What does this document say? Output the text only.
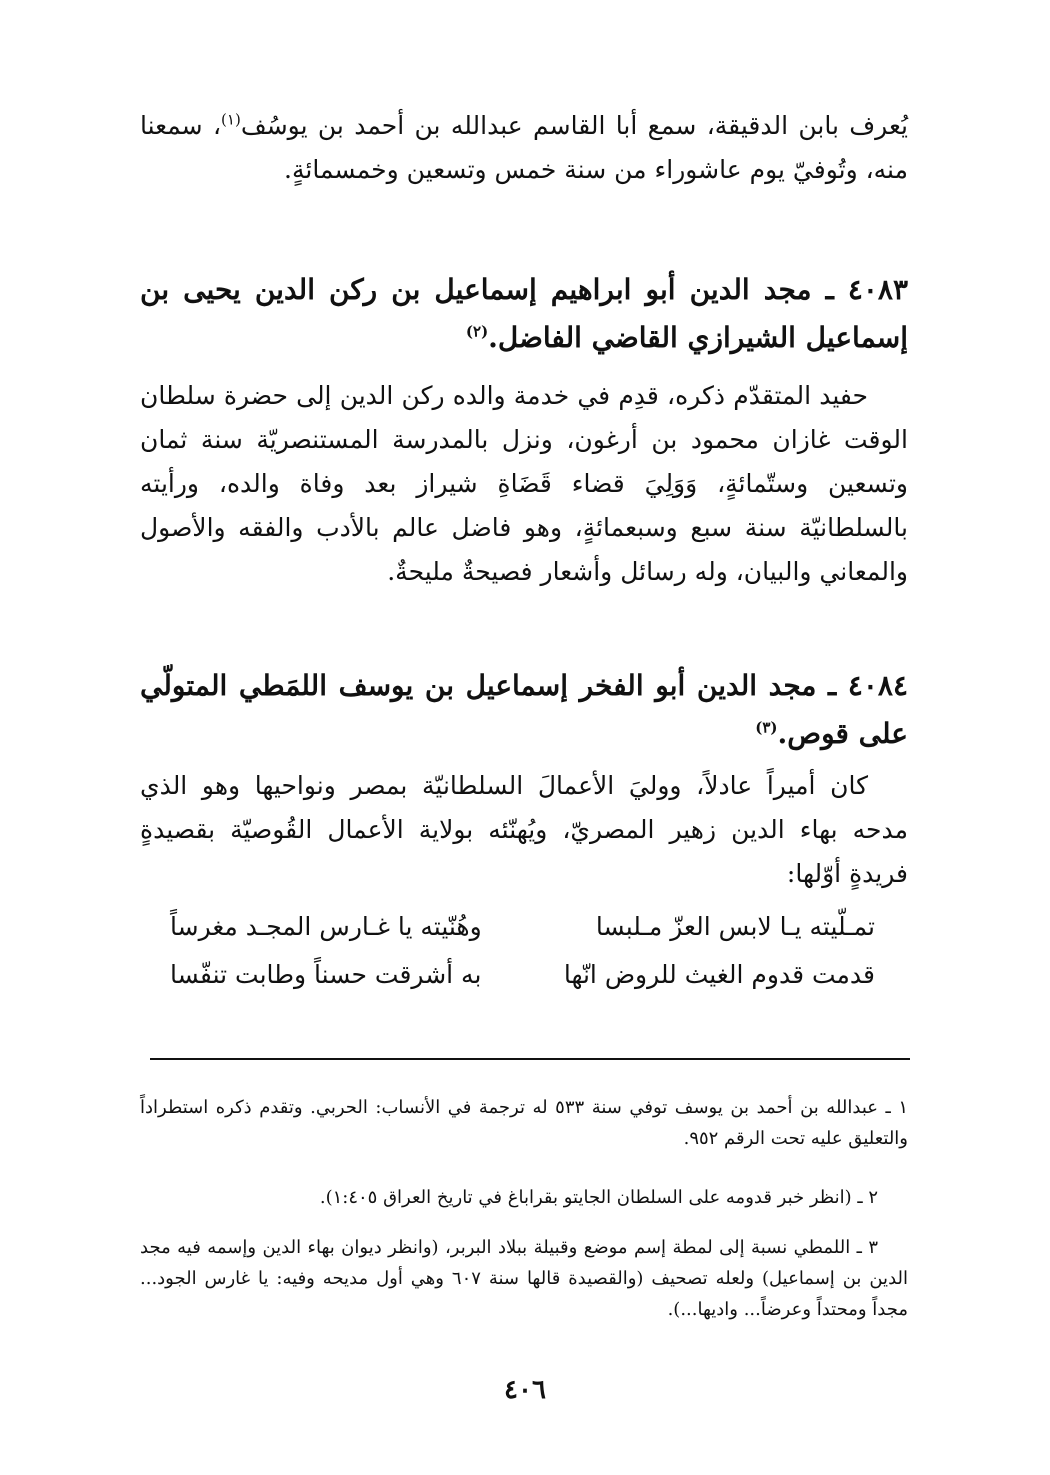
يُعرف بابن الدقيقة، سمع أبا القاسم عبدالله بن أحمد بن يوسُف$^{(١)}$، سمعنا منه، وتُوفيّ يوم عاشوراء من سنة خمس وتسعين وخمسمائةٍ.

٤٠٨٣ ـ مجد الدين أبو ابراهيم إسماعيل بن ركن الدين يحيى بن إسماعيل الشيرازي القاضي الفاضل.$^{(٢)}$

حفيد المتقدّم ذكره، قدِم في خدمة والده ركن الدين إلى حضرة سلطان الوقت غازان محمود بن أرغون، ونزل بالمدرسة المستنصريّة سنة ثمان وتسعين وستّمائةٍ، وَوَلِيَ قضاء قَضَاةِ شيراز بعد وفاة والده، ورأيته بالسلطانيّة سنة سبع وسبعمائةٍ، وهو فاضل عالم بالأدب والفقه والأصول والمعاني والبيان، وله رسائل وأشعار فصيحةٌ مليحةٌ.

٤٠٨٤ ـ مجد الدين أبو الفخر إسماعيل بن يوسف اللمَطي المتولّي على قوص.$^{(٣)}$

كان أميراً عادلاً، ووليَ الأعمالَ السلطانيّة بمصر ونواحيها وهو الذي مدحه بهاء الدين زهير المصريّ، ويُهنّئه بولاية الأعمال القُوصيّة بقصيدةٍ فريدةٍ أوّلها:

تمـلّيته يـا لابس العزّ مـلبسا
وهُنّيته يا غـارس المجـد مغرساً
قدمت قدوم الغيث للروض انّها
به أشرقت حسناً وطابت تنفّسا

١ ـ عبدالله بن أحمد بن يوسف توفي سنة ٥٣٣ له ترجمة في الأنساب: الحربي. وتقدم ذكره استطراداً والتعليق عليه تحت الرقم ٩٥٢.

٢ ـ (انظر خبر قدومه على السلطان الجايتو بقراباغ في تاريخ العراق ١:٤٠٥).

٣ ـ اللمطي نسبة إلى لمطة إسم موضع وقبيلة ببلاد البربر، (وانظر ديوان بهاء الدين وإسمه فيه مجد الدين بن إسماعيل) ولعله تصحيف (والقصيدة قالها سنة ٦٠٧ وهي أول مديحه وفيه: يا غارس الجود... مجداً ومحتداً وعرضاً... واديها...).

٤٠٦
